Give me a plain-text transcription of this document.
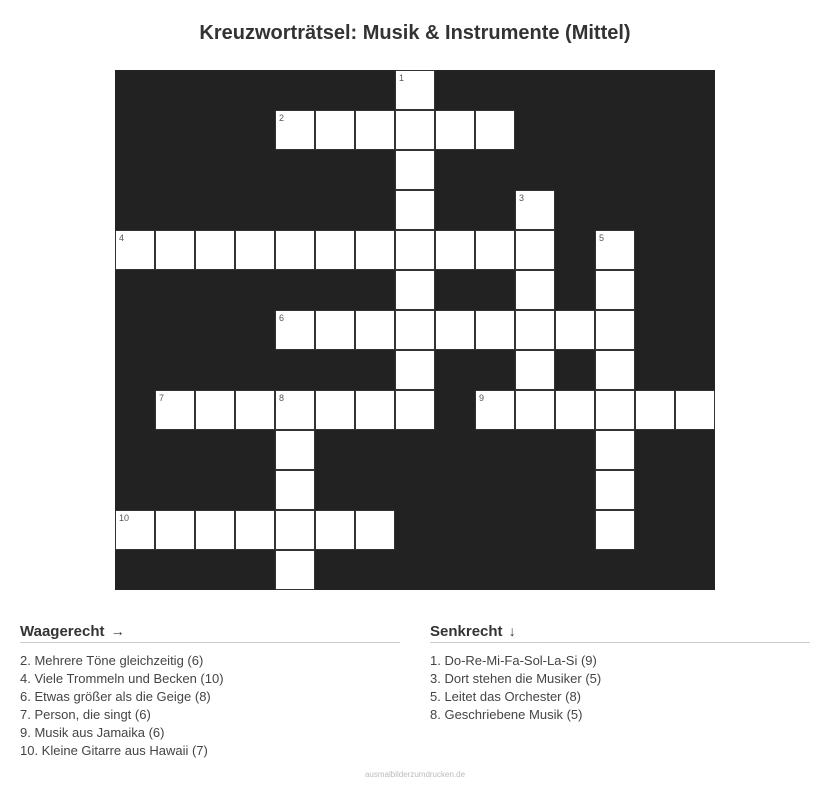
Kreuzworträtsel: Musik & Instrumente (Mittel)
1
2
3
4	5
6
7	8	9
10
Waagerecht →
2. Mehrere Töne gleichzeitig (6)
4. Viele Trommeln und Becken (10)
6. Etwas größer als die Geige (8)
7. Person, die singt (6)
9. Musik aus Jamaika (6)
10. Kleine Gitarre aus Hawaii (7)
Senkrecht ↓
1. Do-Re-Mi-Fa-Sol-La-Si (9)
3. Dort stehen die Musiker (5)
5. Leitet das Orchester (8)
8. Geschriebene Musik (5)
ausmalbilderzumdrucken.de
